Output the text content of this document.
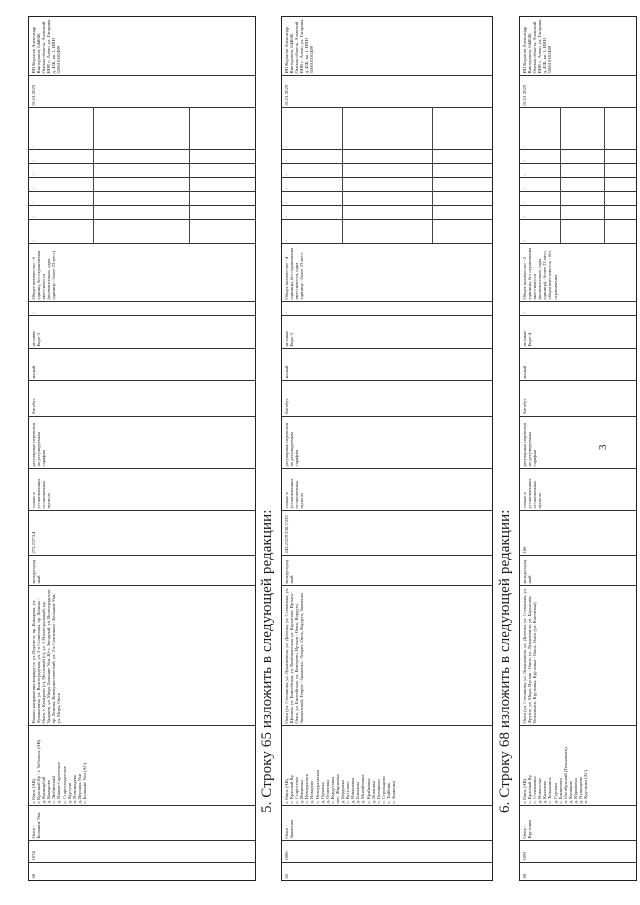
3
58
1074
Омск - Большие Уки
г. Омск (АВ) г. Красный Яр - г. Тобольск (АВ) д. Кошкарбай д. Комарово с. Любинский д. Нижне-Саргатское с. Старосолдатское д. Куртуан п. Пономарево д. Верхняя Уки с. Большие Уки (АС)
Начало направления маршрута: ул. Перелета, пр. Комарова, ул. Лукашевича, ул. Волгоградская, ул. 2-я Солнечная, пр. Ленина - Омск, г. Кемерово (с), Метизный (с), ул. 1 Магистральный, пр. Ударник, ул. Мира, Большие Уки, Ю-т, Звездный, ул. Волгоградская, пр. Ленина, Коммунистический, ул. 2-я Солнечная - Большие Уки, ул. Мира, Омск
междугородный
273,2/273,4
только в установленных остановочных пунктах
регулярные перевозки по регулируемым тарифам
Автобус
малый
не ниже Евро-3
-
Общее количество - 6 единиц, без ограничения вместимости (включительно, одна единица - более 23 мест)
-
-
-
-
-
-
-
01.01.2023
ИП Корытов Александр Викторович, 644040, Омская область, Азовский ННР, с. Азово, ул. Гагарина, д. 43Б, кв. 1, ИНН 550616381489
5. Строку 65 изложить в следующей редакции:
65
1086
Омск - Знаменка
г. Омск (АВ) с. Красный Яр с. Староселье д. Ивановка с. Новоуральск д. Назарово с. Новоуральская д. Орловка д. Осиповка с. Кордуговка пос. Жирновка д. Бердяжка с. Кутузово д. Никоновка д. Бакланы д. Михайловка с. Крайковка д. Ясаковка с. Плешково с. Стрельцово с. Тайбинь с. Знаменка
Омск (ул. Степанова, ул. Лукашевича, ул. Долгова, ул. Степанова, ул. Щепина, ул. Енисейская, ул. Комбинатская, ул. Бархатова, Иртыш - Омск, ул. Енисейская, ул. Кемерово, Иртыш - Омск, Кордуга, Знаменский, Тевриз - Знаменка - Тевриз, Омск, Кордуга, Знаменка
междугородный
243,2/229 238,7/232
только в установленных остановочных пунктах
регулярные перевозки по регулируемым тарифам
Автобус
малый
не ниже Евро-3
-
Общее количество - 4 единицы, без ограничения вместимости, одна единица - более 23 мест
-
-
-
-
-
-
-
01.01.2023
ИП Корытов Александр Викторович, 644040, Омская область, Азовский ННР, с. Азово, ул. Гагарина, д. 43Б, кв. 1, ИНН 550616381489
6. Строку 68 изложить в следующей редакции:
68
1091
Омск - Крутинка
г. Омск (АВ) с. Красный Яр с. Степановка д. Новоселье д. Калачево с. Тюкалинск д. Гуровка с. Бакшеевка п. Октябрьский (Тюкалинск) д. Кошкино д. Юдиновка д. Пушкарево п. Крутинка (АС)
Омск (ул. Степанова, ул. Лукашевича, ул. Долгова, ул. Степанова, ул. Фрунзе, ул. Мира, Иртыш - Омск, ул. Лукашевича, ул. Бархатова, Тюкалинск, Крутинка, Крутинка - Омск, Омск (ул. Ключевая)
междугородный
186
только в установленных остановочных пунктах
регулярные перевозки по регулируемым тарифам
Автобус
малый
не ниже Евро-4
-
Общее количество - 2 единицы, без ограничения вместимости (включительно, одна единица) - более 23 мест, общая вместимость - без ограничения
-
-
-
-
-
-
-
01.01.2023
ИП Корытов Александр Викторович, 644040, Омская область, Азовский ННР, с. Азово, ул. Гагарина, д. 43Б, кв. 1, ИНН 550616381489
